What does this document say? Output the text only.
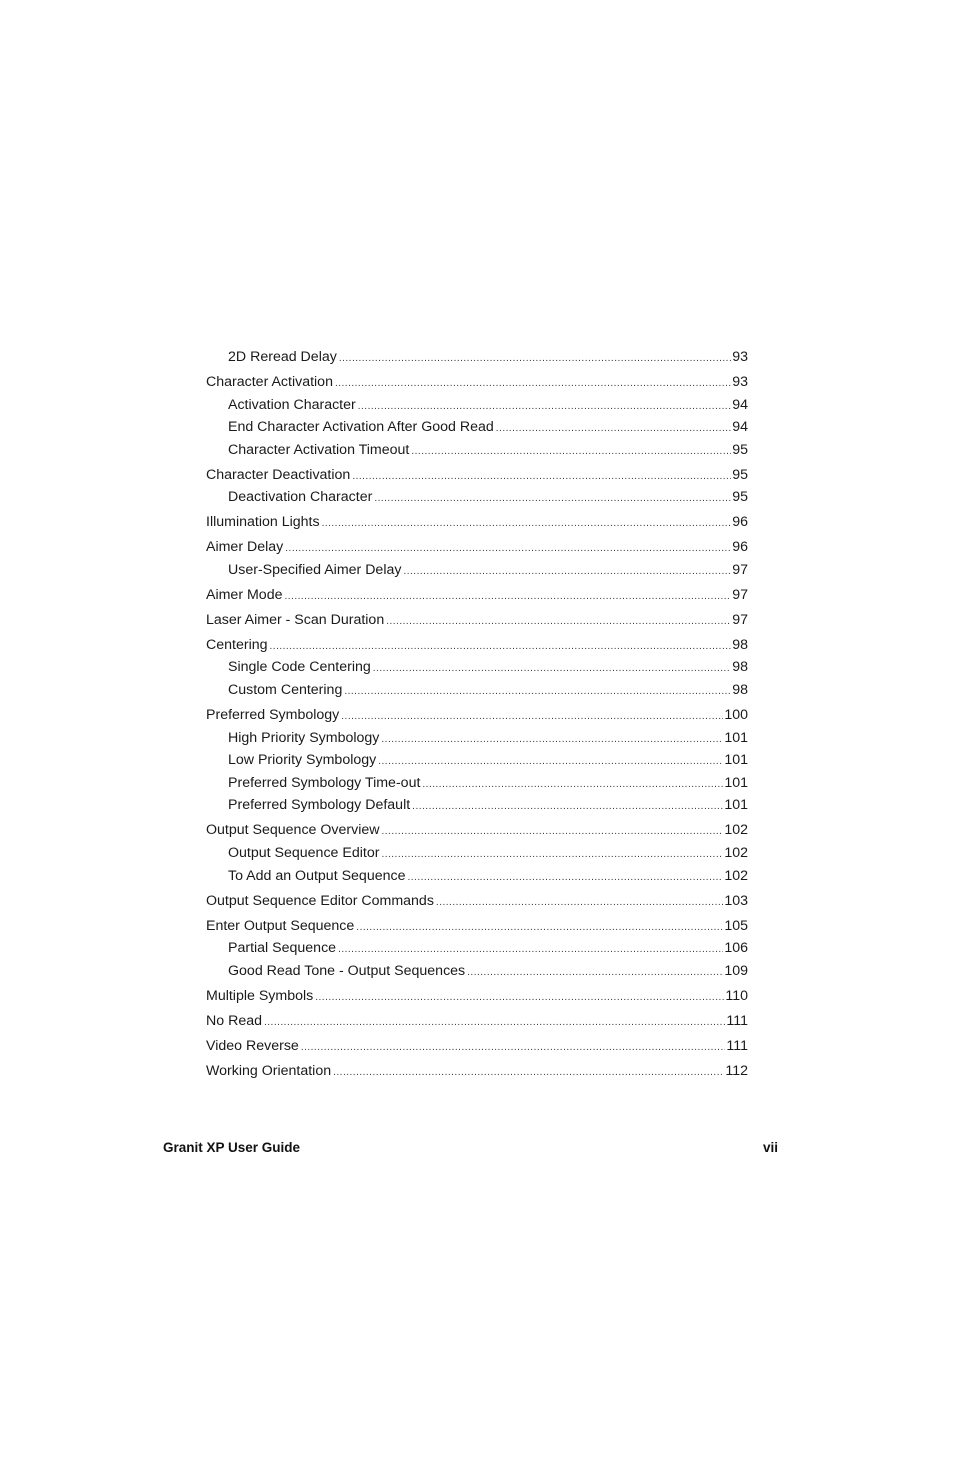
2D Reread Delay .....	93
Character Activation .....	93
Activation Character .....	94
End Character Activation After Good Read .....	94
Character Activation Timeout .....	95
Character Deactivation .....	95
Deactivation Character .....	95
Illumination Lights .....	96
Aimer Delay .....	96
User-Specified Aimer Delay .....	97
Aimer Mode .....	97
Laser Aimer - Scan Duration .....	97
Centering .....	98
Single Code Centering .....	98
Custom Centering .....	98
Preferred Symbology .....	100
High Priority Symbology .....	101
Low Priority Symbology .....	101
Preferred Symbology Time-out .....	101
Preferred Symbology Default .....	101
Output Sequence Overview .....	102
Output Sequence Editor .....	102
To Add an Output Sequence .....	102
Output Sequence Editor Commands .....	103
Enter Output Sequence .....	105
Partial Sequence .....	106
Good Read Tone - Output Sequences .....	109
Multiple Symbols .....	110
No Read .....	111
Video Reverse .....	111
Working Orientation .....	112
Granit XP User Guide	vii
